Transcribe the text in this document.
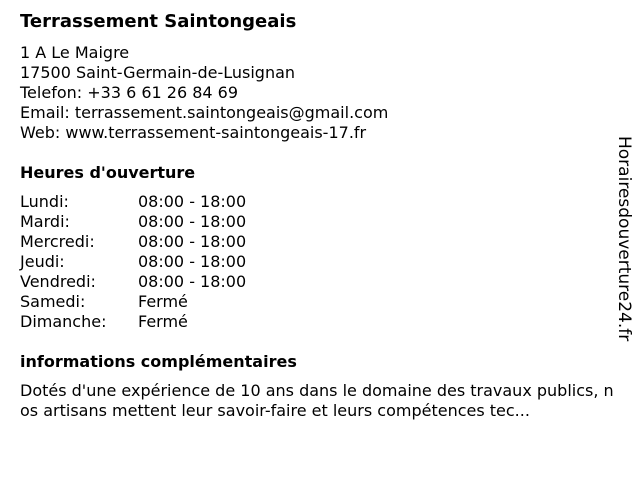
Terrassement Saintongeais
1 A Le Maigre
17500 Saint-Germain-de-Lusignan
Telefon: +33 6 61 26 84 69
Email: terrassement.saintongeais@gmail.com
Web: www.terrassement-saintongeais-17.fr
Heures d'ouverture
Lundi:	08:00 - 18:00
Mardi:	08:00 - 18:00
Mercredi:	08:00 - 18:00
Jeudi:	08:00 - 18:00
Vendredi:	08:00 - 18:00
Samedi:	Fermé
Dimanche:	Fermé
informations complémentaires
Dotés d'une expérience de 10 ans dans le domaine des travaux publics, nos artisans mettent leur savoir-faire et leurs compétences tec...
Horairesdouverture24.fr
